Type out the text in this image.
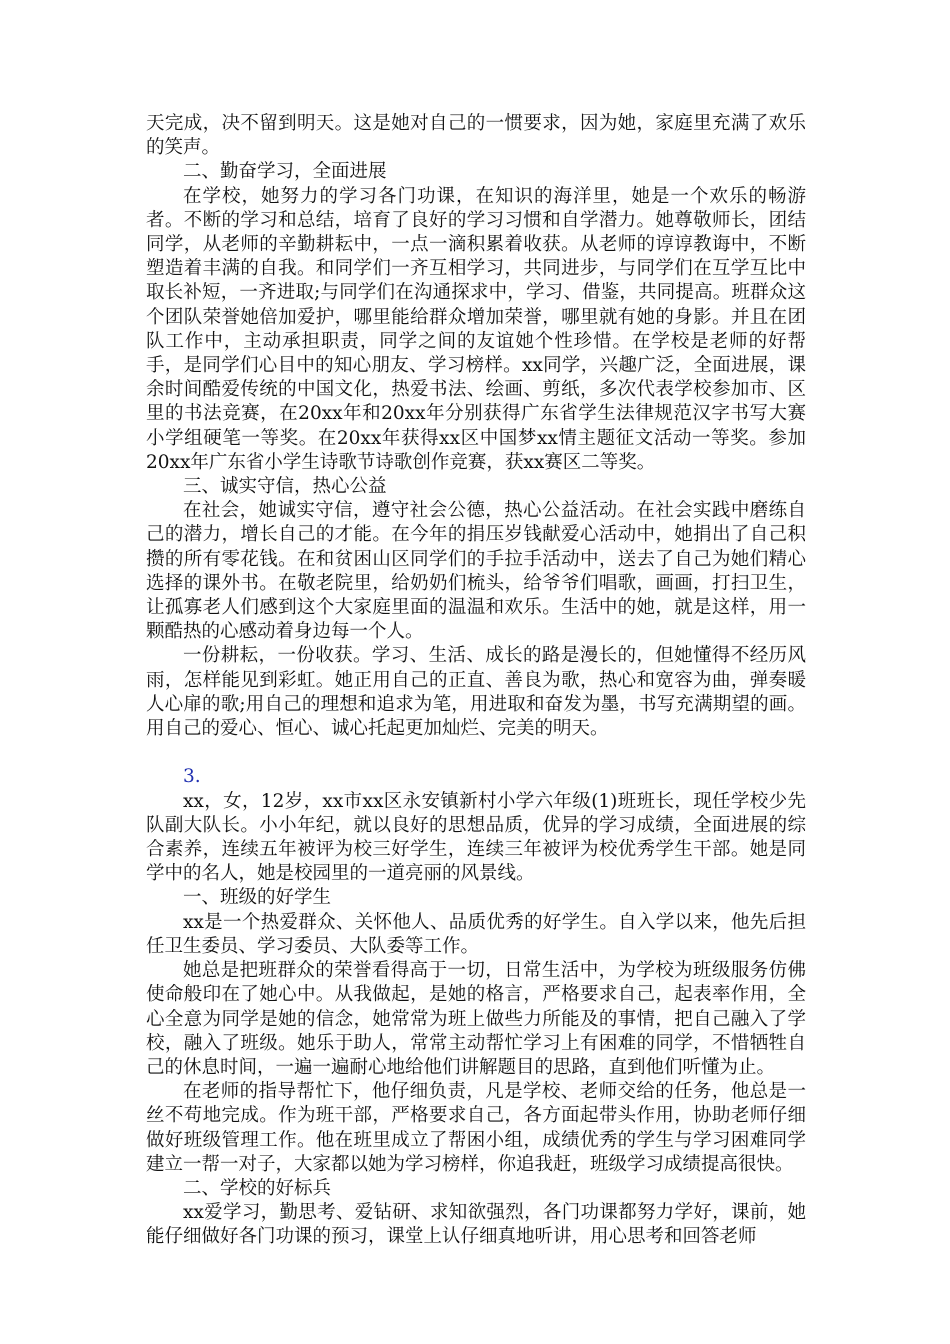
天完成，决不留到明天。这是她对自己的一惯要求，因为她，家庭里充满了欢乐的笑声。

二、勤奋学习，全面进展

在学校，她努力的学习各门功课，在知识的海洋里，她是一个欢乐的畅游者。不断的学习和总结，培育了良好的学习习惯和自学潜力。她尊敬师长，团结同学，从老师的辛勤耕耘中，一点一滴积累着收获。从老师的谆谆教诲中，不断塑造着丰满的自我。和同学们一齐互相学习，共同进步，与同学们在互学互比中取长补短，一齐进取;与同学们在沟通探求中，学习、借鉴，共同提高。班群众这个团队荣誉她倍加爱护，哪里能给群众增加荣誉，哪里就有她的身影。并且在团队工作中，主动承担职责，同学之间的友谊她个性珍惜。在学校是老师的好帮手，是同学们心目中的知心朋友、学习榜样。xx同学，兴趣广泛，全面进展，课余时间酷爱传统的中国文化，热爱书法、绘画、剪纸，多次代表学校参加市、区里的书法竞赛，在20xx年和20xx年分别获得广东省学生法律规范汉字书写大赛小学组硬笔一等奖。在20xx年获得xx区中国梦xx情主题征文活动一等奖。参加20xx年广东省小学生诗歌节诗歌创作竞赛，获xx赛区二等奖。

三、诚实守信，热心公益

在社会，她诚实守信，遵守社会公德，热心公益活动。在社会实践中磨练自己的潜力，增长自己的才能。在今年的捐压岁钱献爱心活动中，她捐出了自己积攒的所有零花钱。在和贫困山区同学们的手拉手活动中，送去了自己为她们精心选择的课外书。在敬老院里，给奶奶们梳头，给爷爷们唱歌，画画，打扫卫生，让孤寡老人们感到这个大家庭里面的温温和欢乐。生活中的她，就是这样，用一颗酷热的心感动着身边每一个人。

一份耕耘，一份收获。学习、生活、成长的路是漫长的，但她懂得不经历风雨，怎样能见到彩虹。她正用自己的正直、善良为歌，热心和宽容为曲，弹奏暖人心扉的歌;用自己的理想和追求为笔，用进取和奋发为墨，书写充满期望的画。用自己的爱心、恒心、诚心托起更加灿烂、完美的明天。

3.

xx，女，12岁，xx市xx区永安镇新村小学六年级(1)班班长，现任学校少先队副大队长。小小年纪，就以良好的思想品质，优异的学习成绩，全面进展的综合素养，连续五年被评为校三好学生，连续三年被评为校优秀学生干部。她是同学中的名人，她是校园里的一道亮丽的风景线。

一、班级的好学生

xx是一个热爱群众、关怀他人、品质优秀的好学生。自入学以来，他先后担任卫生委员、学习委员、大队委等工作。

她总是把班群众的荣誉看得高于一切，日常生活中，为学校为班级服务仿佛使命般印在了她心中。从我做起，是她的格言，严格要求自己，起表率作用，全心全意为同学是她的信念，她常常为班上做些力所能及的事情，把自己融入了学校，融入了班级。她乐于助人，常常主动帮忙学习上有困难的同学，不惜牺牲自己的休息时间，一遍一遍耐心地给他们讲解题目的思路，直到他们听懂为止。

在老师的指导帮忙下，他仔细负责，凡是学校、老师交给的任务，他总是一丝不苟地完成。作为班干部，严格要求自己，各方面起带头作用，协助老师仔细做好班级管理工作。他在班里成立了帮困小组，成绩优秀的学生与学习困难同学建立一帮一对子，大家都以她为学习榜样，你追我赶，班级学习成绩提高很快。

二、学校的好标兵

xx爱学习，勤思考、爱钻研、求知欲强烈，各门功课都努力学好，课前，她能仔细做好各门功课的预习，课堂上认仔细真地听讲，用心思考和回答老师
